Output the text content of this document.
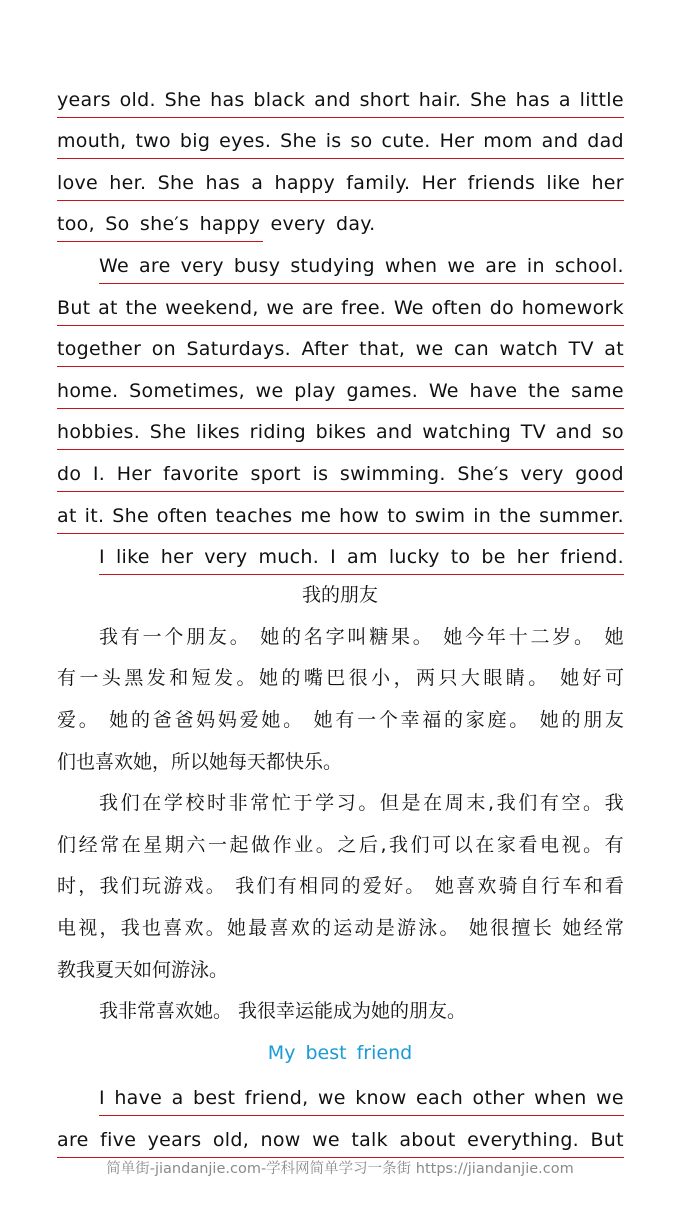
years old. She has black and short hair. She has a little
mouth, two big eyes. She is so cute. Her mom and dad
love her. She has a happy family. Her friends like her
too, So she′s happy every day.
We are very busy studying when we are in school.
But at the weekend, we are free. We often do homework
together on Saturdays. After that, we can watch TV at
home. Sometimes, we play games. We have the same
hobbies. She likes riding bikes and watching TV and so
do I. Her favorite sport is swimming. She′s very good
at it. She often teaches me how to swim in the summer.
I like her very much. I am lucky to be her friend.
我的朋友
我 有 一 个 朋 友 。
她 的 名 字 叫 糖 果 。
她 今 年 十 二 岁 。
她
有 一 头 黑 发 和 短 发 。 她 的 嘴 巴 很 小 ， 两 只 大 眼 睛 。
她 好 可
爱 。
她 的 爸 爸 妈 妈 爱 她 。
她 有 一 个 幸 福 的 家 庭 。
她 的 朋 友
们也喜欢她，所以她每天都快乐。
我 们 在 学 校 时 非 常 忙 于 学 习 。 但 是 在 周 末 , 我 们 有 空 。 我
们 经 常 在 星 期 六 一 起 做 作 业 。 之 后 , 我 们 可 以 在 家 看 电 视 。 有
时 ， 我 们 玩 游 戏 。
我 们 有 相 同 的 爱 好 。
她 喜 欢 骑 自 行 车 和 看
电 视 ， 我 也 喜 欢 。 她 最 喜 欢 的 运 动 是 游 泳 。
她 很 擅 长
她 经 常
教我夏天如何游泳。
我非常喜欢她。 我很幸运能成为她的朋友。
My best friend
I have a best friend, we know each other when we
are five years old, now we talk about everything. But
简单街-jiandanjie.com-学科网简单学习一条街 https://jiandanjie.com
